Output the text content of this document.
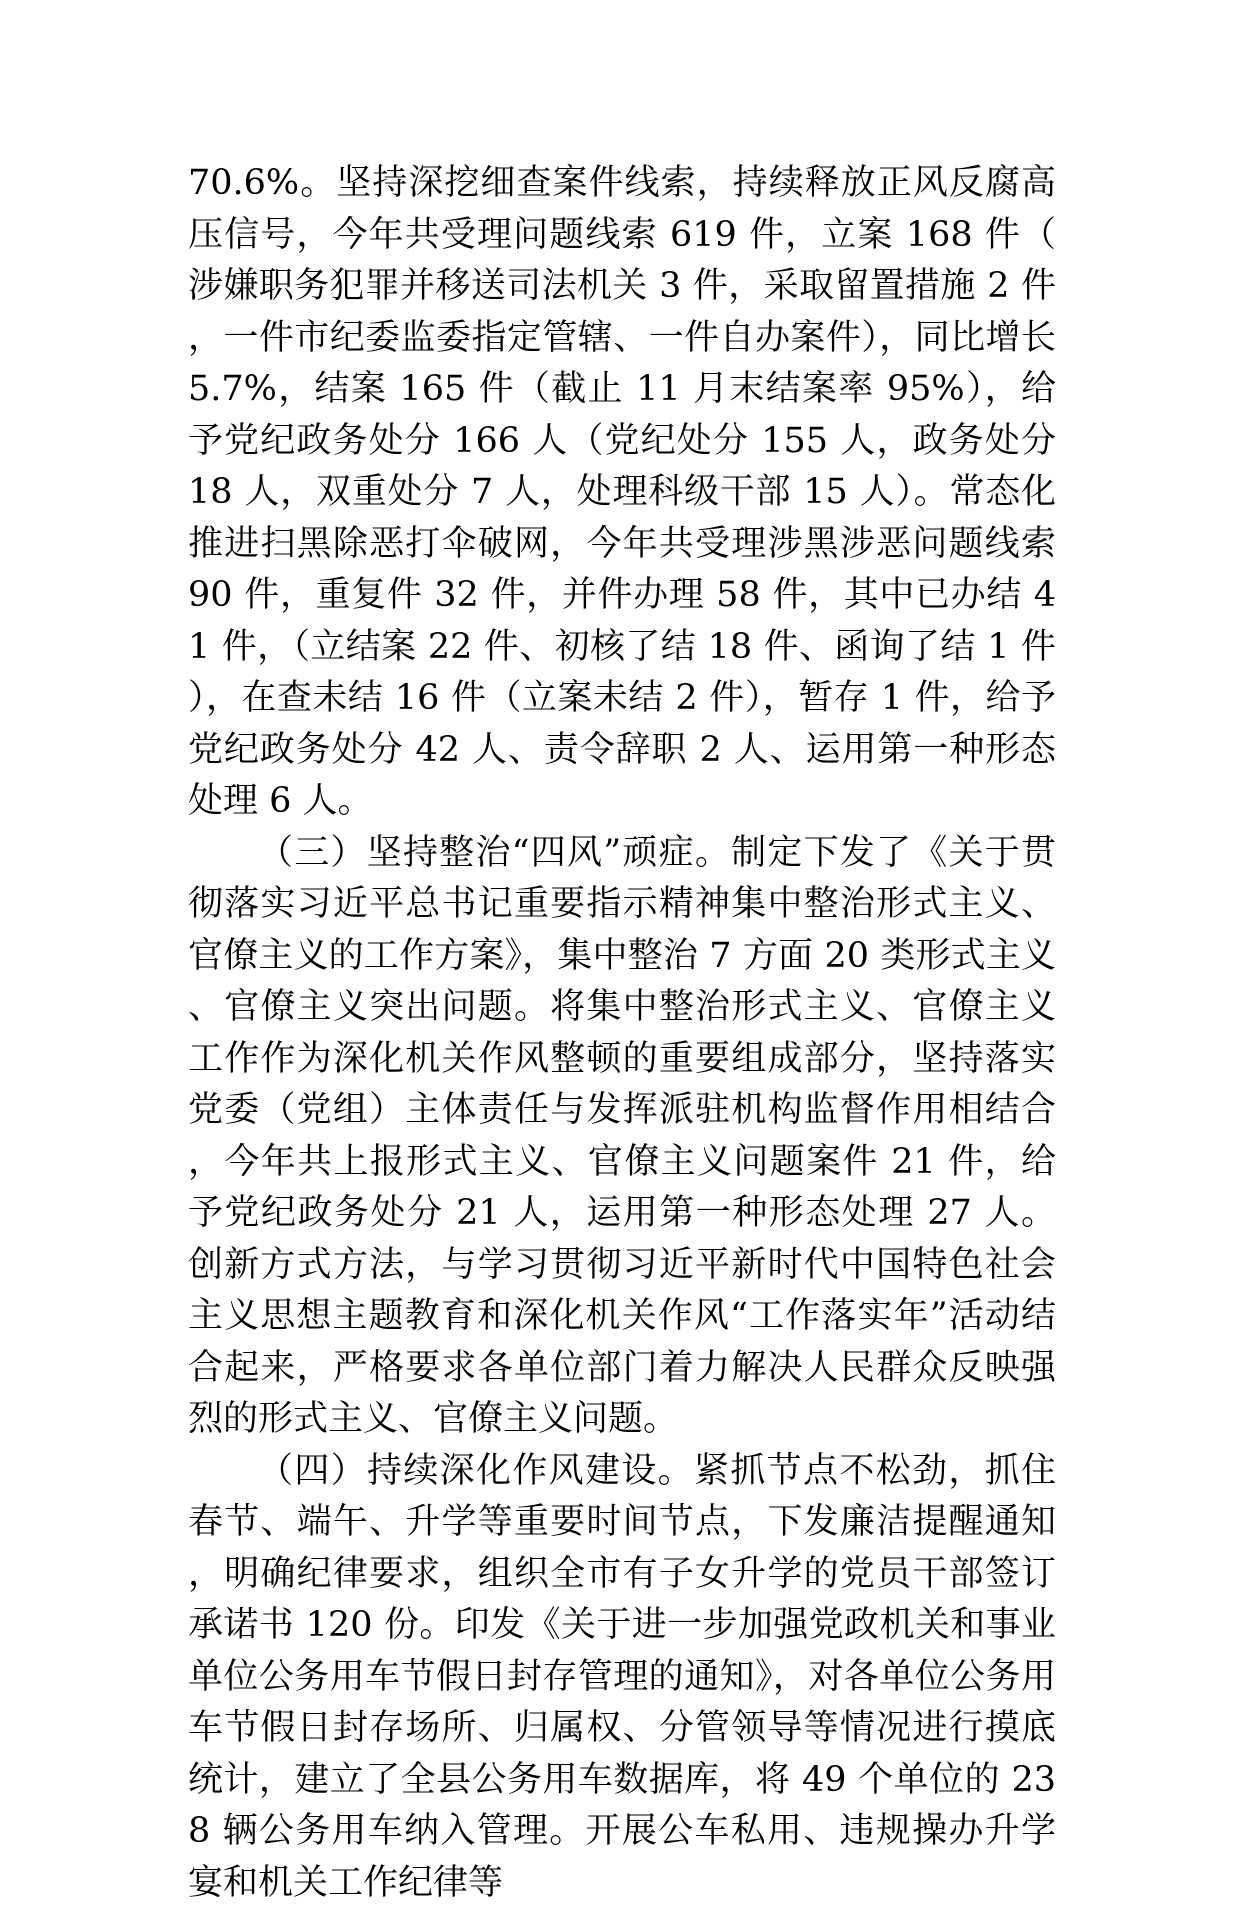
70.6%。坚持深挖细查案件线索，持续释放正风反腐高压信号，今年共受理问题线索 619 件，立案 168 件（涉嫌职务犯罪并移送司法机关 3 件，采取留置措施 2 件，一件市纪委监委指定管辖、一件自办案件），同比增长 5.7%，结案 165 件（截止 11 月末结案率 95%），给予党纪政务处分 166 人（党纪处分 155 人，政务处分 18 人，双重处分 7 人，处理科级干部 15 人）。常态化推进扫黑除恶打伞破网，今年共受理涉黑涉恶问题线索 90 件，重复件 32 件，并件办理 58 件，其中已办结 41 件，（立结案 22 件、初核了结 18 件、函询了结 1 件），在查未结 16 件（立案未结 2 件），暂存 1 件，给予党纪政务处分 42 人、责令辞职 2 人、运用第一种形态处理 6 人。

（三）坚持整治“四风”顽症。制定下发了《关于贯彻落实习近平总书记重要指示精神集中整治形式主义、官僚主义的工作方案》，集中整治 7 方面 20 类形式主义、官僚主义突出问题。将集中整治形式主义、官僚主义工作作为深化机关作风整顿的重要组成部分，坚持落实党委（党组）主体责任与发挥派驻机构监督作用相结合，今年共上报形式主义、官僚主义问题案件 21 件，给予党纪政务处分 21 人，运用第一种形态处理 27 人。创新方式方法，与学习贯彻习近平新时代中国特色社会主义思想主题教育和深化机关作风“工作落实年”活动结合起来，严格要求各单位部门着力解决人民群众反映强烈的形式主义、官僚主义问题。

（四）持续深化作风建设。紧抓节点不松劲，抓住春节、端午、升学等重要时间节点，下发廉洁提醒通知，明确纪律要求，组织全市有子女升学的党员干部签订承诺书 120 份。印发《关于进一步加强党政机关和事业单位公务用车节假日封存管理的通知》，对各单位公务用车节假日封存场所、归属权、分管领导等情况进行摸底统计，建立了全县公务用车数据库，将 49 个单位的 238 辆公务用车纳入管理。开展公车私用、违规操办升学宴和机关工作纪律等
